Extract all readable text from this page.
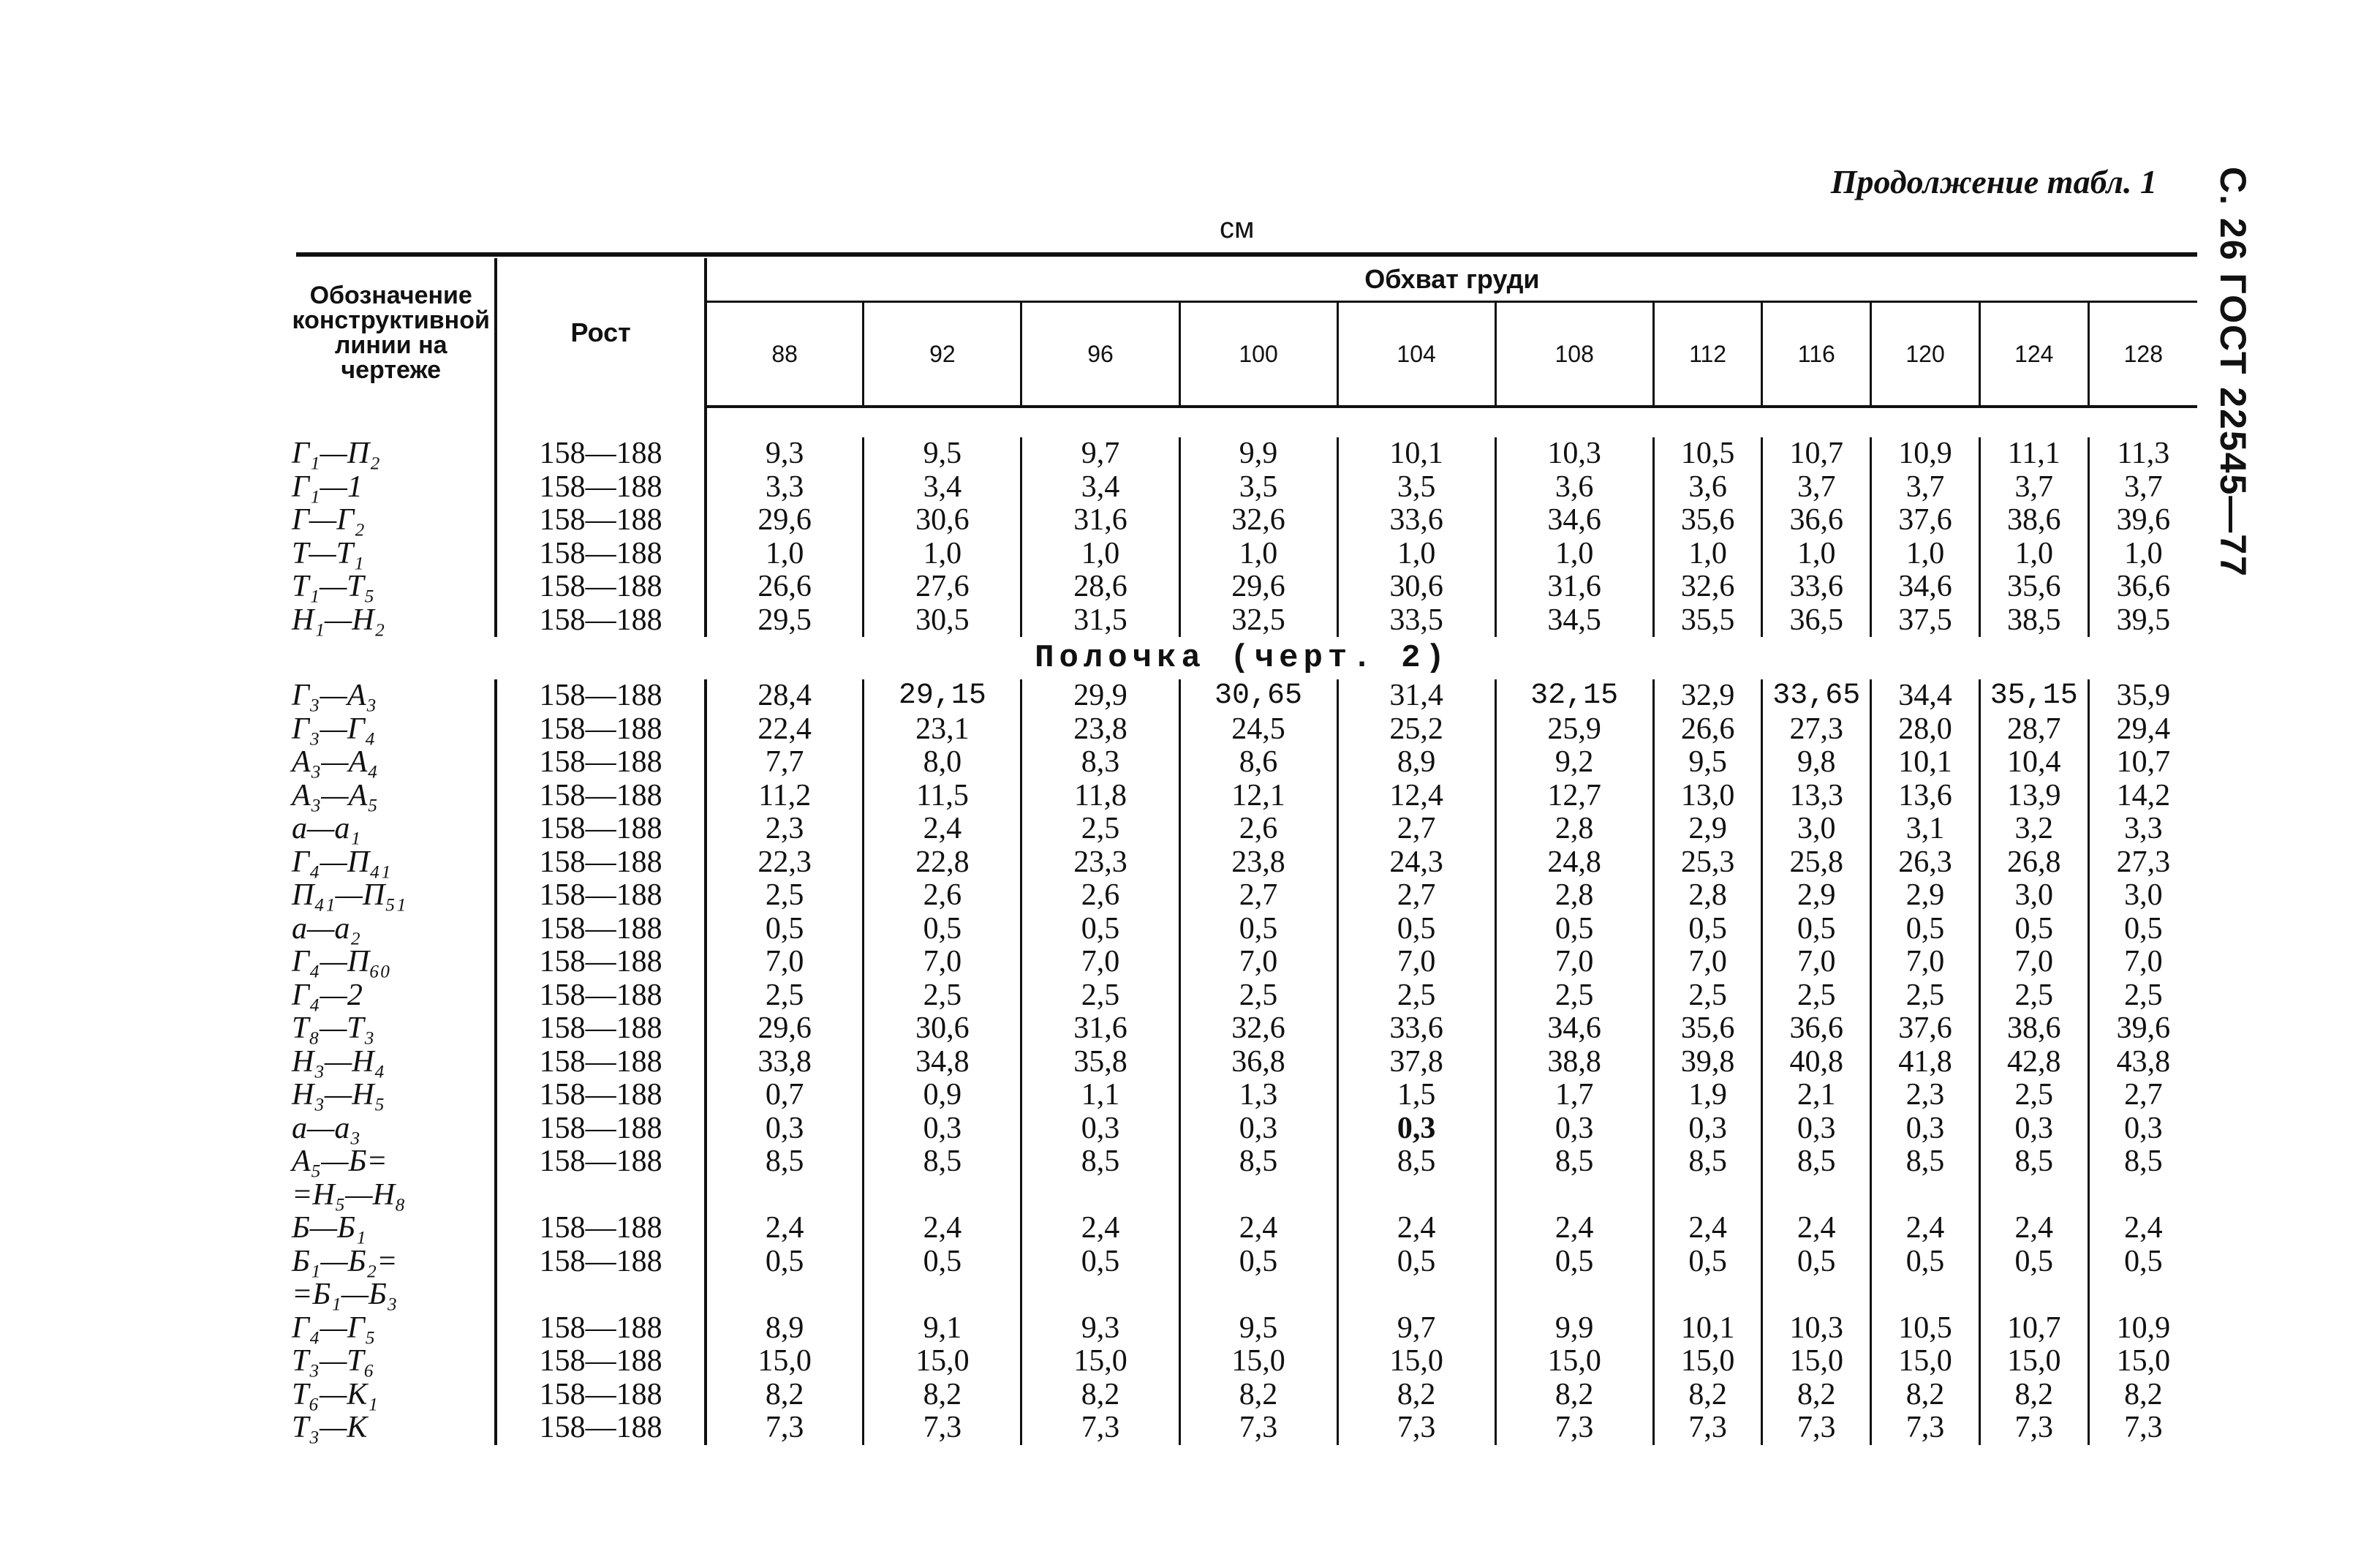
Продолжение табл. 1 С. 26 ГОСТ 22545—77
см
Обозначение конструктивной линии на чертеже	Рост	Обхват груди										
		88	92	96	100	104	108	112	116	120	124	128

Г₁—П₂	158—188	9,3	9,5	9,7	9,9	10,1	10,3	10,5	10,7	10,9	11,1	11,3
Г₁—1	158—188	3,3	3,4	3,4	3,5	3,5	3,6	3,6	3,7	3,7	3,7	3,7
Г—Г₂	158—188	29,6	30,6	31,6	32,6	33,6	34,6	35,6	36,6	37,6	38,6	39,6
Т—Т₁	158—188	1,0	1,0	1,0	1,0	1,0	1,0	1,0	1,0	1,0	1,0	1,0
Т₁—Т₅	158—188	26,6	27,6	28,6	29,6	30,6	31,6	32,6	33,6	34,6	35,6	36,6
Н₁—Н₂	158—188	29,5	30,5	31,5	32,5	33,5	34,5	35,5	36,5	37,5	38,5	39,5
Полочка (черт. 2)												
Г₃—А₃	158—188	28,4	29,15	29,9	30,65	31,4	32,15	32,9	33,65	34,4	35,15	35,9
Г₃—Г₄	158—188	22,4	23,1	23,8	24,5	25,2	25,9	26,6	27,3	28,0	28,7	29,4
А₃—А₄	158—188	7,7	8,0	8,3	8,6	8,9	9,2	9,5	9,8	10,1	10,4	10,7
А₃—А₅	158—188	11,2	11,5	11,8	12,1	12,4	12,7	13,0	13,3	13,6	13,9	14,2
а—а₁	158—188	2,3	2,4	2,5	2,6	2,7	2,8	2,9	3,0	3,1	3,2	3,3
Г₄—П₄₁	158—188	22,3	22,8	23,3	23,8	24,3	24,8	25,3	25,8	26,3	26,8	27,3
П₄₁—П₅₁	158—188	2,5	2,6	2,6	2,7	2,7	2,8	2,8	2,9	2,9	3,0	3,0
а—а₂	158—188	0,5	0,5	0,5	0,5	0,5	0,5	0,5	0,5	0,5	0,5	0,5
Г₄—П₆₀	158—188	7,0	7,0	7,0	7,0	7,0	7,0	7,0	7,0	7,0	7,0	7,0
Г₄—2	158—188	2,5	2,5	2,5	2,5	2,5	2,5	2,5	2,5	2,5	2,5	2,5
Т₈—Т₃	158—188	29,6	30,6	31,6	32,6	33,6	34,6	35,6	36,6	37,6	38,6	39,6
Н₃—Н₄	158—188	33,8	34,8	35,8	36,8	37,8	38,8	39,8	40,8	41,8	42,8	43,8
Н₃—Н₅	158—188	0,7	0,9	1,1	1,3	1,5	1,7	1,9	2,1	2,3	2,5	2,7
а—а₃	158—188	0,3	0,3	0,3	0,3	0,3	0,3	0,3	0,3	0,3	0,3	0,3
А₅—Б=	158—188	8,5	8,5	8,5	8,5	8,5	8,5	8,5	8,5	8,5	8,5	8,5
=Н₅—Н₈												
Б—Б₁	158—188	2,4	2,4	2,4	2,4	2,4	2,4	2,4	2,4	2,4	2,4	2,4
Б₁—Б₂=	158—188	0,5	0,5	0,5	0,5	0,5	0,5	0,5	0,5	0,5	0,5	0,5
=Б₁—Б₃												
Г₄—Г₅	158—188	8,9	9,1	9,3	9,5	9,7	9,9	10,1	10,3	10,5	10,7	10,9
Т₃—Т₆	158—188	15,0	15,0	15,0	15,0	15,0	15,0	15,0	15,0	15,0	15,0	15,0
Т₆—К₁	158—188	8,2	8,2	8,2	8,2	8,2	8,2	8,2	8,2	8,2	8,2	8,2
Т₃—К	158—188	7,3	7,3	7,3	7,3	7,3	7,3	7,3	7,3	7,3	7,3	7,3
